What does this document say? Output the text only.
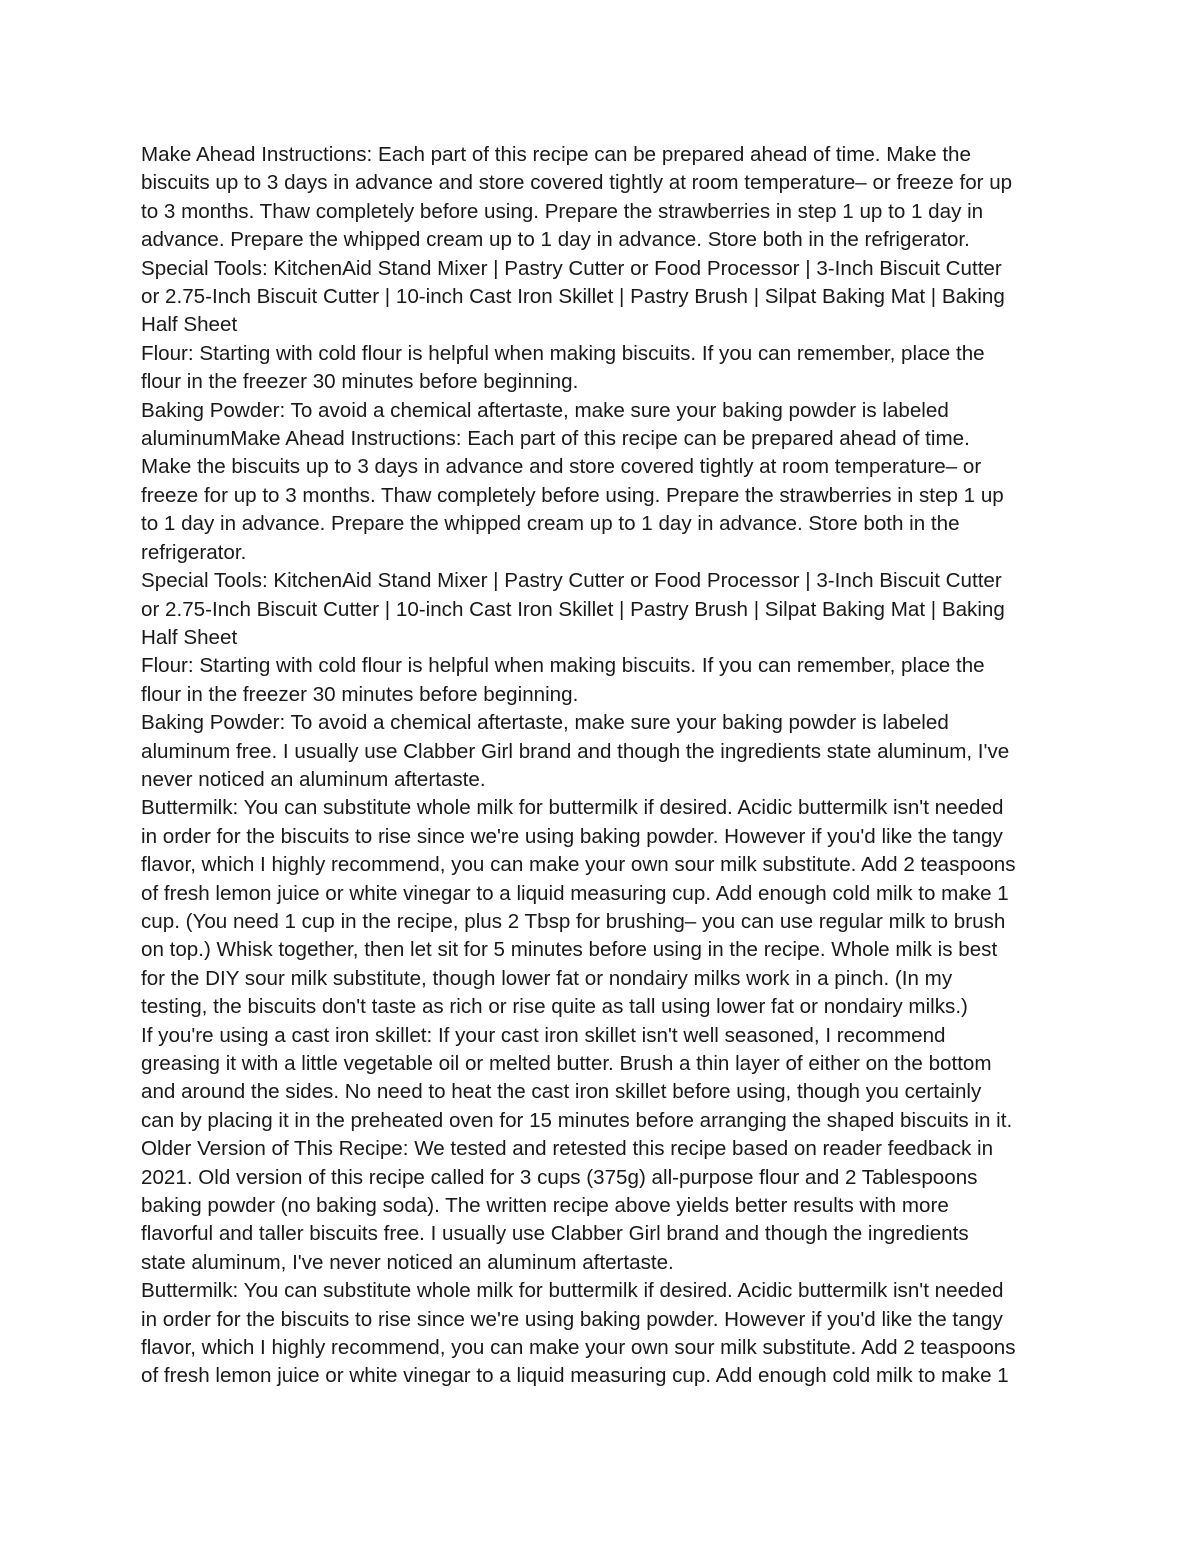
Make Ahead Instructions: Each part of this recipe can be prepared ahead of time. Make the
biscuits up to 3 days in advance and store covered tightly at room temperature– or freeze for up
to 3 months. Thaw completely before using. Prepare the strawberries in step 1 up to 1 day in
advance. Prepare the whipped cream up to 1 day in advance. Store both in the refrigerator.

Special Tools: KitchenAid Stand Mixer | Pastry Cutter or Food Processor | 3-Inch Biscuit Cutter
or 2.75-Inch Biscuit Cutter | 10-inch Cast Iron Skillet | Pastry Brush | Silpat Baking Mat | Baking
Half Sheet

Flour: Starting with cold flour is helpful when making biscuits. If you can remember, place the
flour in the freezer 30 minutes before beginning.

Baking Powder: To avoid a chemical aftertaste, make sure your baking powder is labeled
aluminumMake Ahead Instructions: Each part of this recipe can be prepared ahead of time.
Make the biscuits up to 3 days in advance and store covered tightly at room temperature– or
freeze for up to 3 months. Thaw completely before using. Prepare the strawberries in step 1 up
to 1 day in advance. Prepare the whipped cream up to 1 day in advance. Store both in the
refrigerator.

Special Tools: KitchenAid Stand Mixer | Pastry Cutter or Food Processor | 3-Inch Biscuit Cutter
or 2.75-Inch Biscuit Cutter | 10-inch Cast Iron Skillet | Pastry Brush | Silpat Baking Mat | Baking
Half Sheet

Flour: Starting with cold flour is helpful when making biscuits. If you can remember, place the
flour in the freezer 30 minutes before beginning.

Baking Powder: To avoid a chemical aftertaste, make sure your baking powder is labeled
aluminum free. I usually use Clabber Girl brand and though the ingredients state aluminum, I've
never noticed an aluminum aftertaste.

Buttermilk: You can substitute whole milk for buttermilk if desired. Acidic buttermilk isn't needed
in order for the biscuits to rise since we're using baking powder. However if you'd like the tangy
flavor, which I highly recommend, you can make your own sour milk substitute. Add 2 teaspoons
of fresh lemon juice or white vinegar to a liquid measuring cup. Add enough cold milk to make 1
cup. (You need 1 cup in the recipe, plus 2 Tbsp for brushing– you can use regular milk to brush
on top.) Whisk together, then let sit for 5 minutes before using in the recipe. Whole milk is best
for the DIY sour milk substitute, though lower fat or nondairy milks work in a pinch. (In my
testing, the biscuits don't taste as rich or rise quite as tall using lower fat or nondairy milks.)

If you're using a cast iron skillet: If your cast iron skillet isn't well seasoned, I recommend
greasing it with a little vegetable oil or melted butter. Brush a thin layer of either on the bottom
and around the sides. No need to heat the cast iron skillet before using, though you certainly
can by placing it in the preheated oven for 15 minutes before arranging the shaped biscuits in it.

Older Version of This Recipe: We tested and retested this recipe based on reader feedback in
2021. Old version of this recipe called for 3 cups (375g) all-purpose flour and 2 Tablespoons
baking powder (no baking soda). The written recipe above yields better results with more
flavorful and taller biscuits free. I usually use Clabber Girl brand and though the ingredients
state aluminum, I've never noticed an aluminum aftertaste.

Buttermilk: You can substitute whole milk for buttermilk if desired. Acidic buttermilk isn't needed
in order for the biscuits to rise since we're using baking powder. However if you'd like the tangy
flavor, which I highly recommend, you can make your own sour milk substitute. Add 2 teaspoons
of fresh lemon juice or white vinegar to a liquid measuring cup. Add enough cold milk to make 1
